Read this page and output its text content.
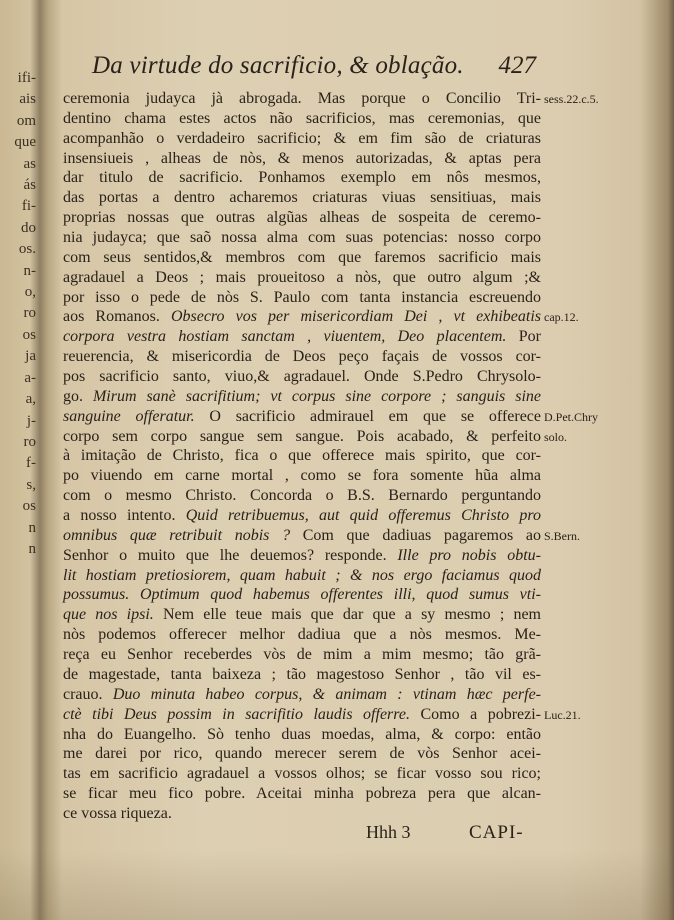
ifi-
ais
om
que
as
ás
fi-
do
os.
n-
o,
ro
os
ja
a-
a,
j-
ro
f-
s,
os
n
n
Da virtude do sacrificio, & oblação. 427
ceremonia judayca jà abrogada. Mas porque o Concilio Tri-
dentino chama estes actos não sacrificios, mas ceremonias, que
acompanhão o verdadeiro sacrificio; & em fim são de criaturas
insensiueis , alheas de nòs, & menos autorizadas, & aptas pera
dar titulo de sacrificio. Ponhamos exemplo em nôs mesmos,
das portas a dentro acharemos criaturas viuas sensitiuas, mais
proprias nossas que outras algũas alheas de sospeita de ceremo-
nia judayca; que saõ nossa alma com suas potencias: nosso corpo
com seus sentidos,& membros com que faremos sacrificio mais
agradauel a Deos ; mais proueitoso a nòs, que outro algum ;&
por isso o pede de nòs S. Paulo com tanta instancia escreuendo
aos Romanos. Obsecro vos per misericordiam Dei , vt exhibeatis
corpora vestra hostiam sanctam , viuentem, Deo placentem. Por
reuerencia, & misericordia de Deos peço façais de vossos cor-
pos sacrificio santo, viuo,& agradauel. Onde S.Pedro Chrysolo-
go. Mirum sanè sacrifitium; vt corpus sine corpore ; sanguis sine
sanguine offeratur. O sacrificio admirauel em que se offerece
corpo sem corpo sangue sem sangue. Pois acabado, & perfeito
à imitação de Christo, fica o que offerece mais spirito, que cor-
po viuendo em carne mortal , como se fora somente hũa alma
com o mesmo Christo. Concorda o B.S. Bernardo perguntando
a nosso intento. Quid retribuemus, aut quid offeremus Christo pro
omnibus quæ retribuit nobis ? Com que dadiuas pagaremos ao
Senhor o muito que lhe deuemos? responde. Ille pro nobis obtu-
lit hostiam pretiosiorem, quam habuit ; & nos ergo faciamus quod
possumus. Optimum quod habemus offerentes illi, quod sumus vti-
que nos ipsi. Nem elle teue mais que dar que a sy mesmo ; nem
nòs podemos offerecer melhor dadiua que a nòs mesmos. Me-
reça eu Senhor receberdes vòs de mim a mim mesmo; tão grã-
de magestade, tanta baixeza ; tão magestoso Senhor , tão vil es-
crauo. Duo minuta habeo corpus, & animam : vtinam hæc perfe-
ctè tibi Deus possim in sacrifitio laudis offerre. Como a pobrezi-
nha do Euangelho. Sò tenho duas moedas, alma, & corpo: então
me darei por rico, quando merecer serem de vòs Senhor acei-
tas em sacrificio agradauel a vossos olhos; se ficar vosso sou rico;
se ficar meu fico pobre. Aceitai minha pobreza pera que alcan-
ce vossa riqueza.
sess.22.c.5.
cap.12.
D.Pet.Chry
solo.
S.Bern.
Luc.21.
Hhh 3	CAPI-
